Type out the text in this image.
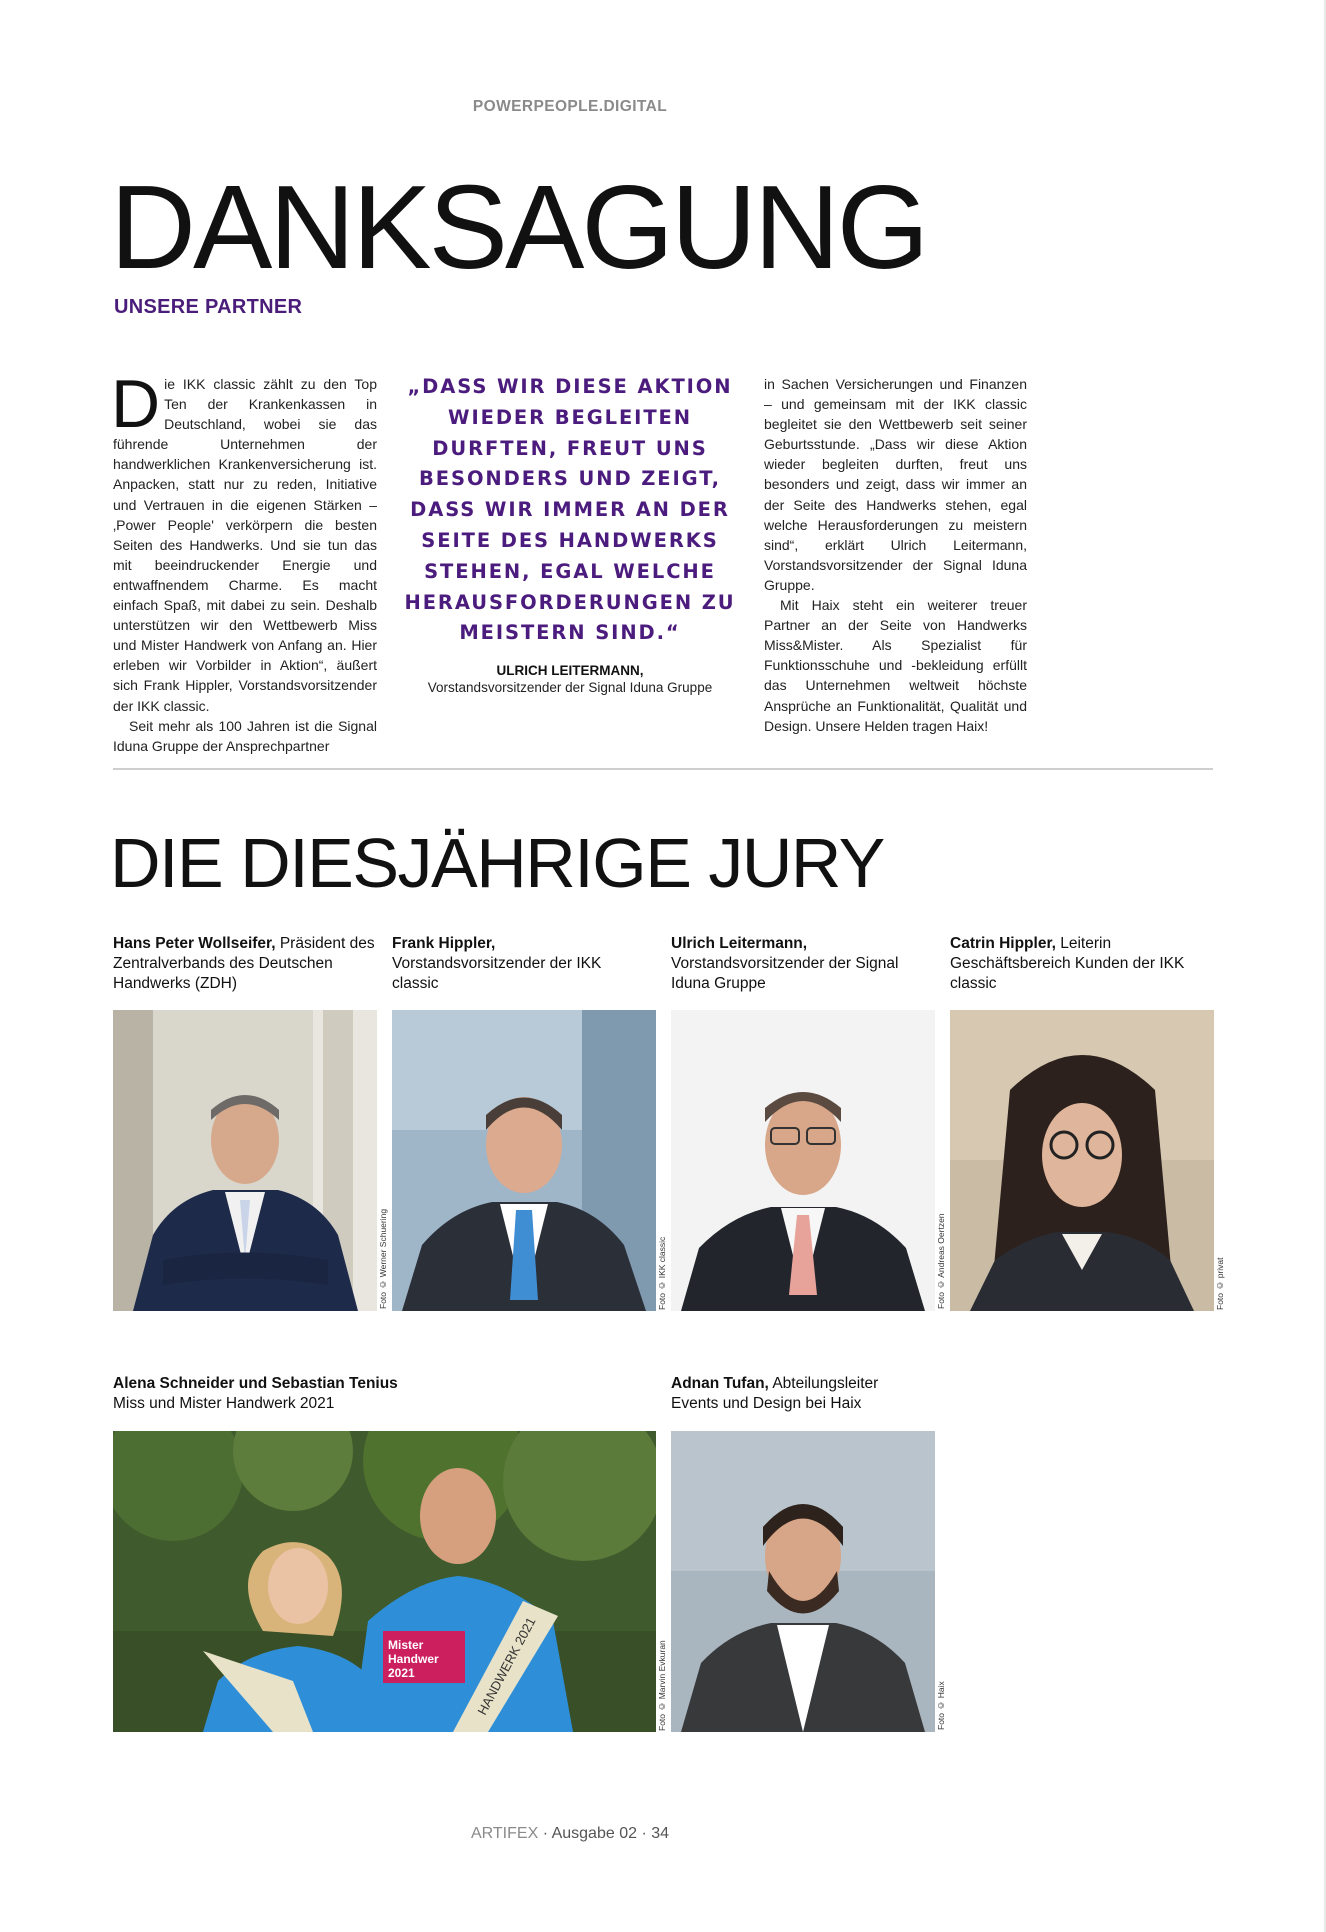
POWERPEOPLE.DIGITAL
DANKSAGUNG
UNSERE PARTNER

Die IKK classic zählt zu den Top Ten der Krankenkassen in Deutschland, wobei sie das führende Unternehmen der handwerklichen Krankenversicherung ist. Anpacken, statt nur zu reden, Initiative und Vertrauen in die eigenen Stärken – ‚Power People' verkörpern die besten Seiten des Handwerks. Und sie tun das mit beeindruckender Energie und entwaffnendem Charme. Es macht einfach Spaß, mit dabei zu sein. Deshalb unterstützen wir den Wettbewerb Miss und Mister Handwerk von Anfang an. Hier erleben wir Vorbilder in Aktion“, äußert sich Frank Hippler, Vorstandsvorsitzender der IKK classic.

Seit mehr als 100 Jahren ist die Signal Iduna Gruppe der Ansprechpartner

„DASS WIR DIESE AKTION WIEDER BEGLEITEN DURFTEN, FREUT UNS BESONDERS UND ZEIGT, DASS WIR IMMER AN DER SEITE DES HANDWERKS STEHEN, EGAL WELCHE HERAUSFORDERUNGEN ZU MEISTERN SIND.“
ULRICH LEITERMANN,
Vorstandsvorsitzender der Signal Iduna Gruppe

in Sachen Versicherungen und Finanzen – und gemeinsam mit der IKK classic begleitet sie den Wettbewerb seit seiner Geburtsstunde. „Dass wir diese Aktion wieder begleiten durften, freut uns besonders und zeigt, dass wir immer an der Seite des Handwerks stehen, egal welche Herausforderungen zu meistern sind“, erklärt Ulrich Leitermann, Vorstandsvorsitzender der Signal Iduna Gruppe.

Mit Haix steht ein weiterer treuer Partner an der Seite von Handwerks Miss&Mister. Als Spezialist für Funktionsschuhe und -bekleidung erfüllt das Unternehmen weltweit höchste Ansprüche an Funktionalität, Qualität und Design. Unsere Helden tragen Haix!

DIE DIESJÄHRIGE JURY
Hans Peter Wollseifer, Präsident des Zentralverbands des Deutschen Handwerks (ZDH)
Frank Hippler, Vorstandsvorsitzender der IKK classic
Ulrich Leitermann, Vorstandsvorsitzender der Signal Iduna Gruppe
Catrin Hippler, Leiterin Geschäftsbereich Kunden der IKK classic
Foto © Werner Schuering	Foto © IKK classic	Foto © Andreas Oertzen	Foto © privat
Alena Schneider und Sebastian Tenius
Miss und Mister Handwerk 2021
Adnan Tufan, Abteilungsleiter Events und Design bei Haix
Mister
Handwer
2021	HANDWERK 2021	Foto © Marvin Evkuran	Foto © Haix
ARTIFEX · Ausgabe 02 · 34
